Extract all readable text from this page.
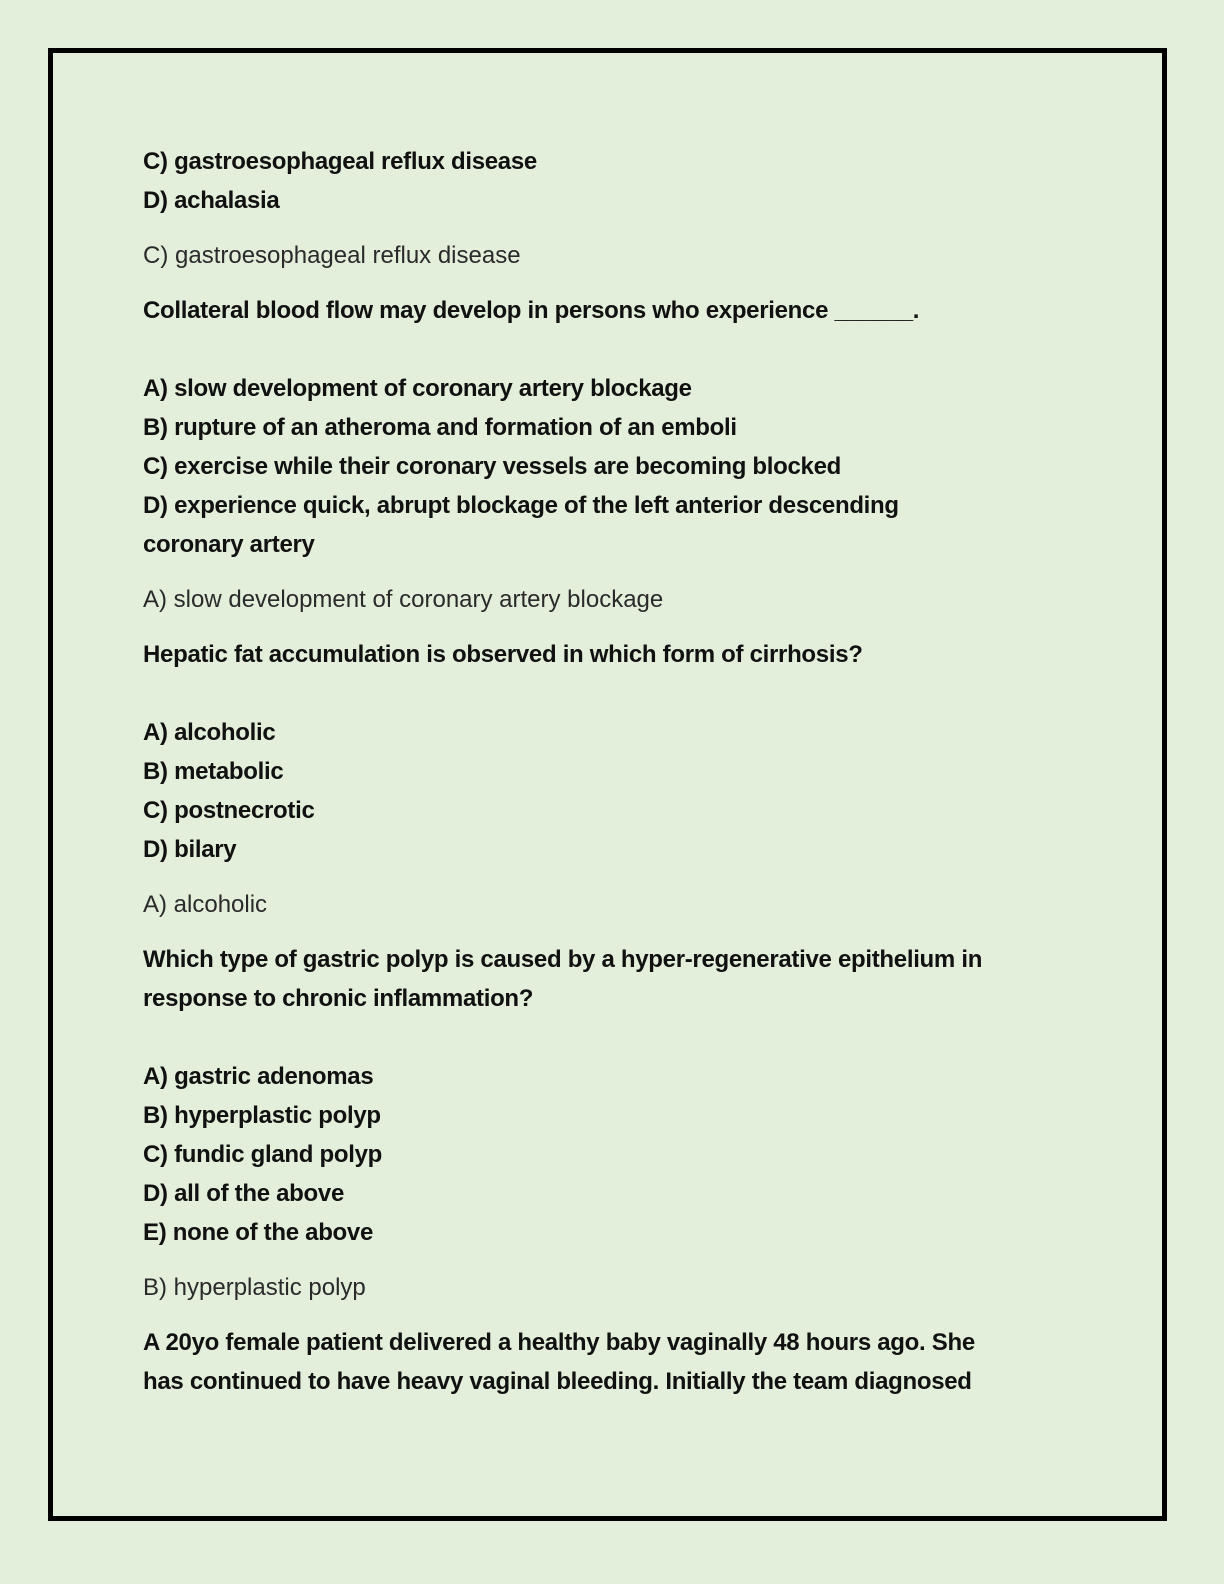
C) gastroesophageal reflux disease
D) achalasia
C) gastroesophageal reflux disease
Collateral blood flow may develop in persons who experience ______.
A) slow development of coronary artery blockage
B) rupture of an atheroma and formation of an emboli
C) exercise while their coronary vessels are becoming blocked
D) experience quick, abrupt blockage of the left anterior descending
coronary artery
A) slow development of coronary artery blockage
Hepatic fat accumulation is observed in which form of cirrhosis?
A) alcoholic
B) metabolic
C) postnecrotic
D) bilary
A) alcoholic
Which type of gastric polyp is caused by a hyper-regenerative epithelium in
response to chronic inflammation?
A) gastric adenomas
B) hyperplastic polyp
C) fundic gland polyp
D) all of the above
E) none of the above
B) hyperplastic polyp
A 20yo female patient delivered a healthy baby vaginally 48 hours ago. She
has continued to have heavy vaginal bleeding. Initially the team diagnosed
